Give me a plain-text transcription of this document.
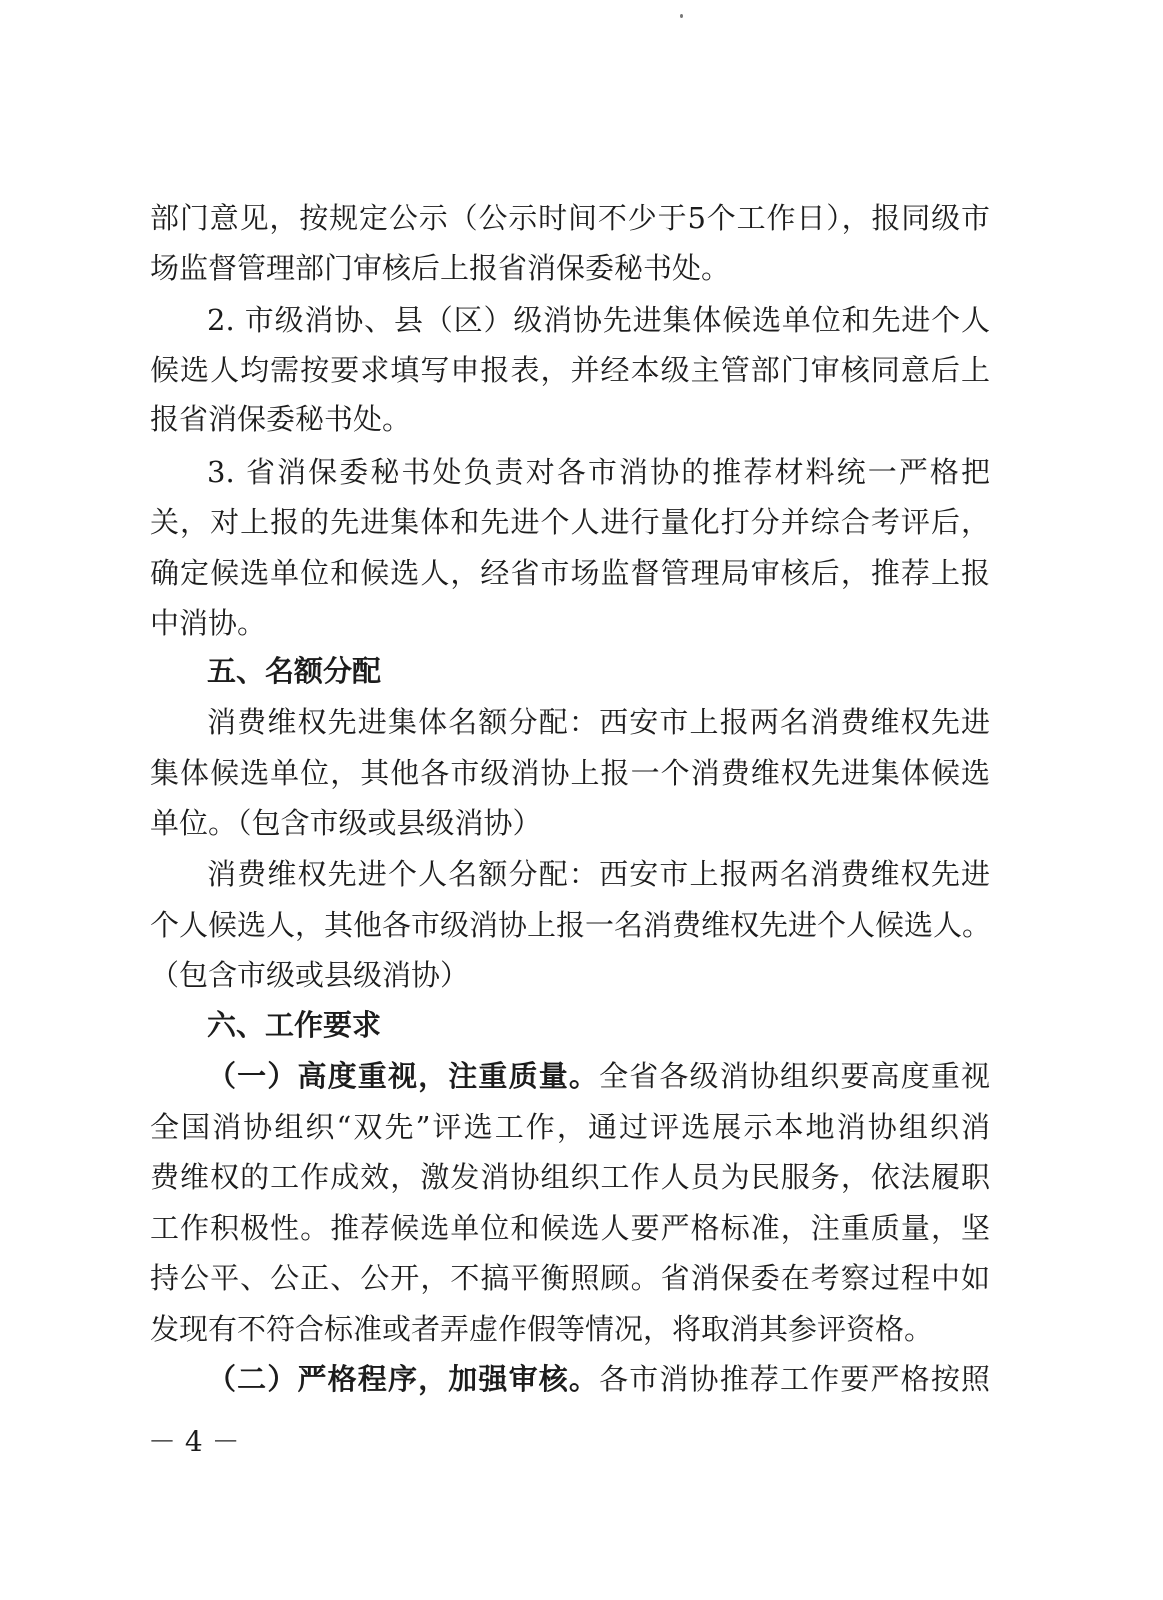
部门意见，按规定公示（公示时间不少于5个工作日），报同级市
场监督管理部门审核后上报省消保委秘书处。
2. 市级消协、县（区）级消协先进集体候选单位和先进个人
候选人均需按要求填写申报表，并经本级主管部门审核同意后上
报省消保委秘书处。
3. 省消保委秘书处负责对各市消协的推荐材料统一严格把
关，对上报的先进集体和先进个人进行量化打分并综合考评后，
确定候选单位和候选人，经省市场监督管理局审核后，推荐上报
中消协。
五、名额分配
消费维权先进集体名额分配：西安市上报两名消费维权先进
集体候选单位，其他各市级消协上报一个消费维权先进集体候选
单位。（包含市级或县级消协）
消费维权先进个人名额分配：西安市上报两名消费维权先进
个人候选人，其他各市级消协上报一名消费维权先进个人候选人。
（包含市级或县级消协）
六、工作要求
（一）高度重视，注重质量。全省各级消协组织要高度重视
全国消协组织“双先”评选工作，通过评选展示本地消协组织消
费维权的工作成效，激发消协组织工作人员为民服务，依法履职
工作积极性。推荐候选单位和候选人要严格标准，注重质量，坚
持公平、公正、公开，不搞平衡照顾。省消保委在考察过程中如
发现有不符合标准或者弄虚作假等情况，将取消其参评资格。
（二）严格程序，加强审核。各市消协推荐工作要严格按照
－ 4 －
